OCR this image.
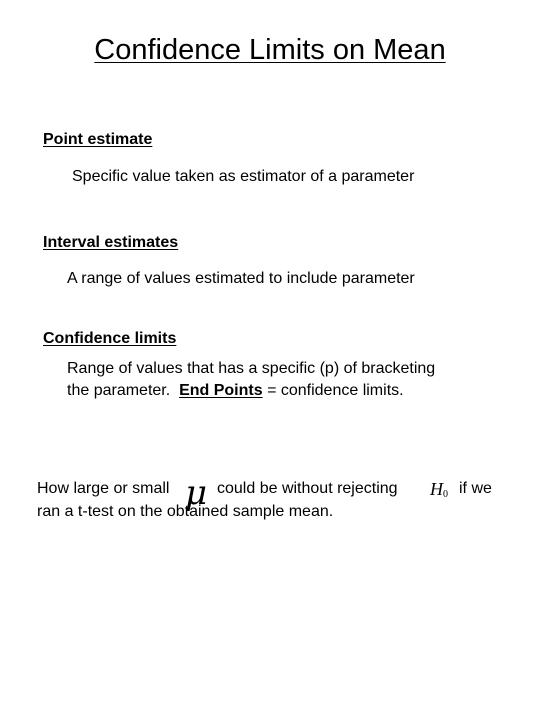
Confidence Limits on Mean
Point estimate
Specific value taken as estimator of a parameter
Interval estimates
A range of values estimated to include parameter
Confidence limits
Range of values that has a specific (p) of bracketing
the parameter.  End Points = confidence limits.
How large or small μ could be without rejecting $H_0$ if we
ran a t-test on the obtained sample mean.
